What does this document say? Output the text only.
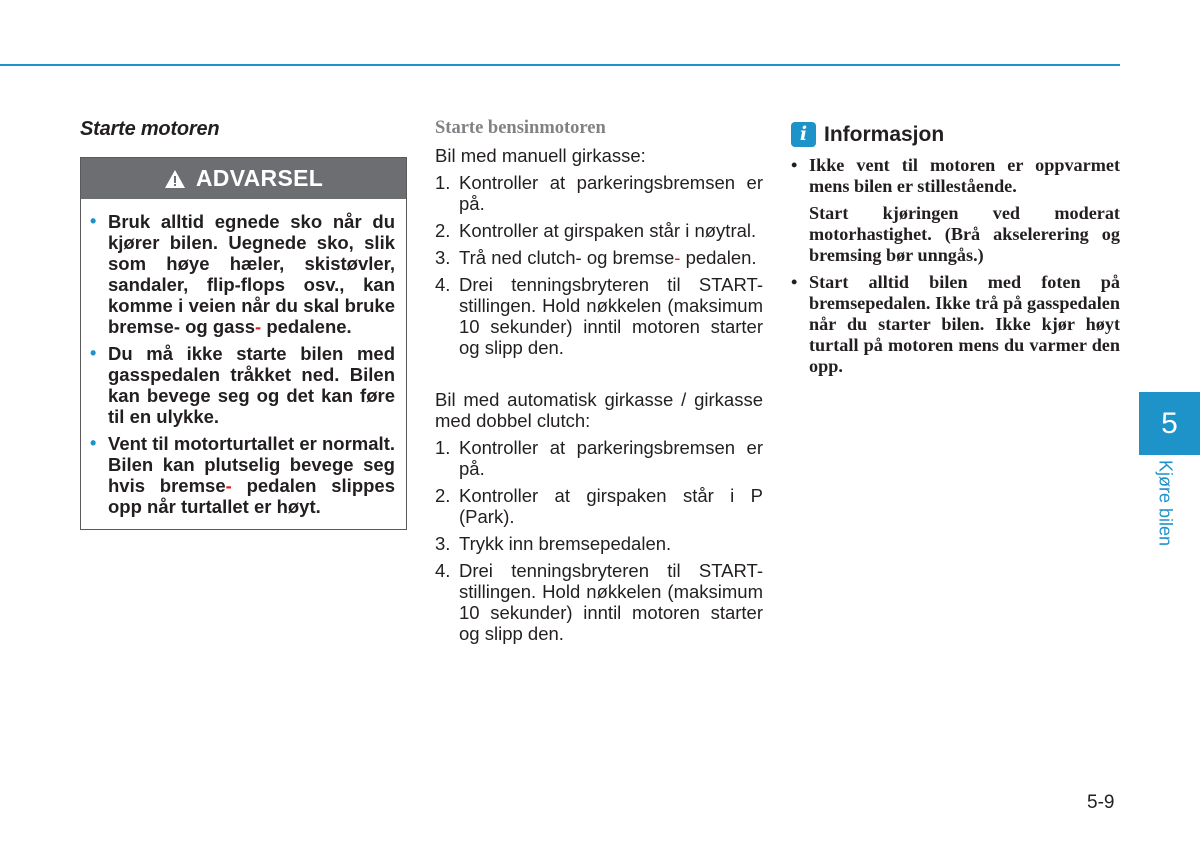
Starte motoren
ADVARSEL
• Bruk alltid egnede sko når du kjører bilen. Uegnede sko, slik som høye hæler, skistøvler, sandaler, flip-flops osv., kan komme i veien når du skal bruke bremse- og gass- pedalene.
• Du må ikke starte bilen med gasspedalen tråkket ned. Bilen kan bevege seg og det kan føre til en ulykke.
• Vent til motorturtallet er normalt. Bilen kan plutselig bevege seg hvis bremse- pedalen slippes opp når turtallet er høyt.
Starte bensinmotoren

Bil med manuell girkasse:

1. Kontroller at parkeringsbremsen er på.
2. Kontroller at girspaken står i nøytral.
3. Trå ned clutch- og bremse- pedalen.
4. Drei tenningsbryteren til START-stillingen. Hold nøkkelen (maksimum 10 sekunder) inntil motoren starter og slipp den.

Bil med automatisk girkasse / girkasse med dobbel clutch:

1. Kontroller at parkeringsbremsen er på.
2. Kontroller at girspaken står i P (Park).
3. Trykk inn bremsepedalen.
4. Drei tenningsbryteren til START-stillingen. Hold nøkkelen (maksimum 10 sekunder) inntil motoren starter og slipp den.
i Informasjon
• Ikke vent til motoren er oppvarmet mens bilen er stillestående.

Start kjøringen ved moderat motorhastighet. (Brå akselerering og bremsing bør unngås.)

• Start alltid bilen med foten på bremsepedalen. Ikke trå på gasspedalen når du starter bilen. Ikke kjør høyt turtall på motoren mens du varmer den opp.

5
Kjøre bilen
5-9
